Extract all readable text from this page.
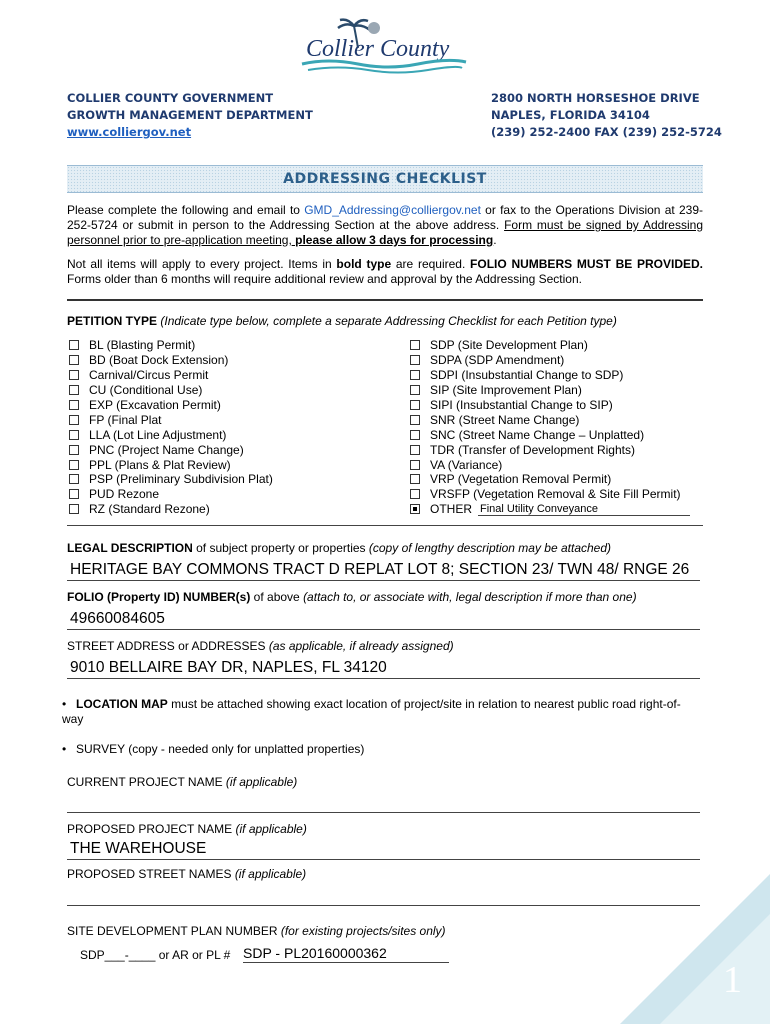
Collier County
COLLIER COUNTY GOVERNMENT
GROWTH MANAGEMENT DEPARTMENT
www.colliergov.net
2800 NORTH HORSESHOE DRIVE
NAPLES, FLORIDA 34104
(239) 252-2400 FAX (239) 252-5724
ADDRESSING CHECKLIST
Please complete the following and email to GMD_Addressing@colliergov.net or fax to the Operations Division at 239-252-5724 or submit in person to the Addressing Section at the above address. Form must be signed by Addressing personnel prior to pre-application meeting, please allow 3 days for processing.
Not all items will apply to every project. Items in bold type are required. FOLIO NUMBERS MUST BE PROVIDED. Forms older than 6 months will require additional review and approval by the Addressing Section.
PETITION TYPE (Indicate type below, complete a separate Addressing Checklist for each Petition type)
BL (Blasting Permit)
BD (Boat Dock Extension)
Carnival/Circus Permit
CU (Conditional Use)
EXP (Excavation Permit)
FP (Final Plat
LLA (Lot Line Adjustment)
PNC (Project Name Change)
PPL (Plans & Plat Review)
PSP (Preliminary Subdivision Plat)
PUD Rezone
RZ (Standard Rezone)
SDP (Site Development Plan)
SDPA (SDP Amendment)
SDPI (Insubstantial Change to SDP)
SIP (Site Improvement Plan)
SIPI (Insubstantial Change to SIP)
SNR (Street Name Change)
SNC (Street Name Change – Unplatted)
TDR (Transfer of Development Rights)
VA (Variance)
VRP (Vegetation Removal Permit)
VRSFP (Vegetation Removal & Site Fill Permit)
OTHER Final Utility Conveyance
LEGAL DESCRIPTION of subject property or properties (copy of lengthy description may be attached)
HERITAGE BAY COMMONS TRACT D REPLAT LOT 8; SECTION 23/ TWN 48/ RNGE 26
FOLIO (Property ID) NUMBER(s) of above (attach to, or associate with, legal description if more than one)
49660084605
STREET ADDRESS or ADDRESSES (as applicable, if already assigned)
9010 BELLAIRE BAY DR, NAPLES, FL 34120
• LOCATION MAP must be attached showing exact location of project/site in relation to nearest public road right-of-way
• SURVEY (copy - needed only for unplatted properties)
CURRENT PROJECT NAME (if applicable)
PROPOSED PROJECT NAME (if applicable)
THE WAREHOUSE
PROPOSED STREET NAMES (if applicable)
SITE DEVELOPMENT PLAN NUMBER (for existing projects/sites only)
SDP___-____ or AR or PL # SDP - PL20160000362
1
